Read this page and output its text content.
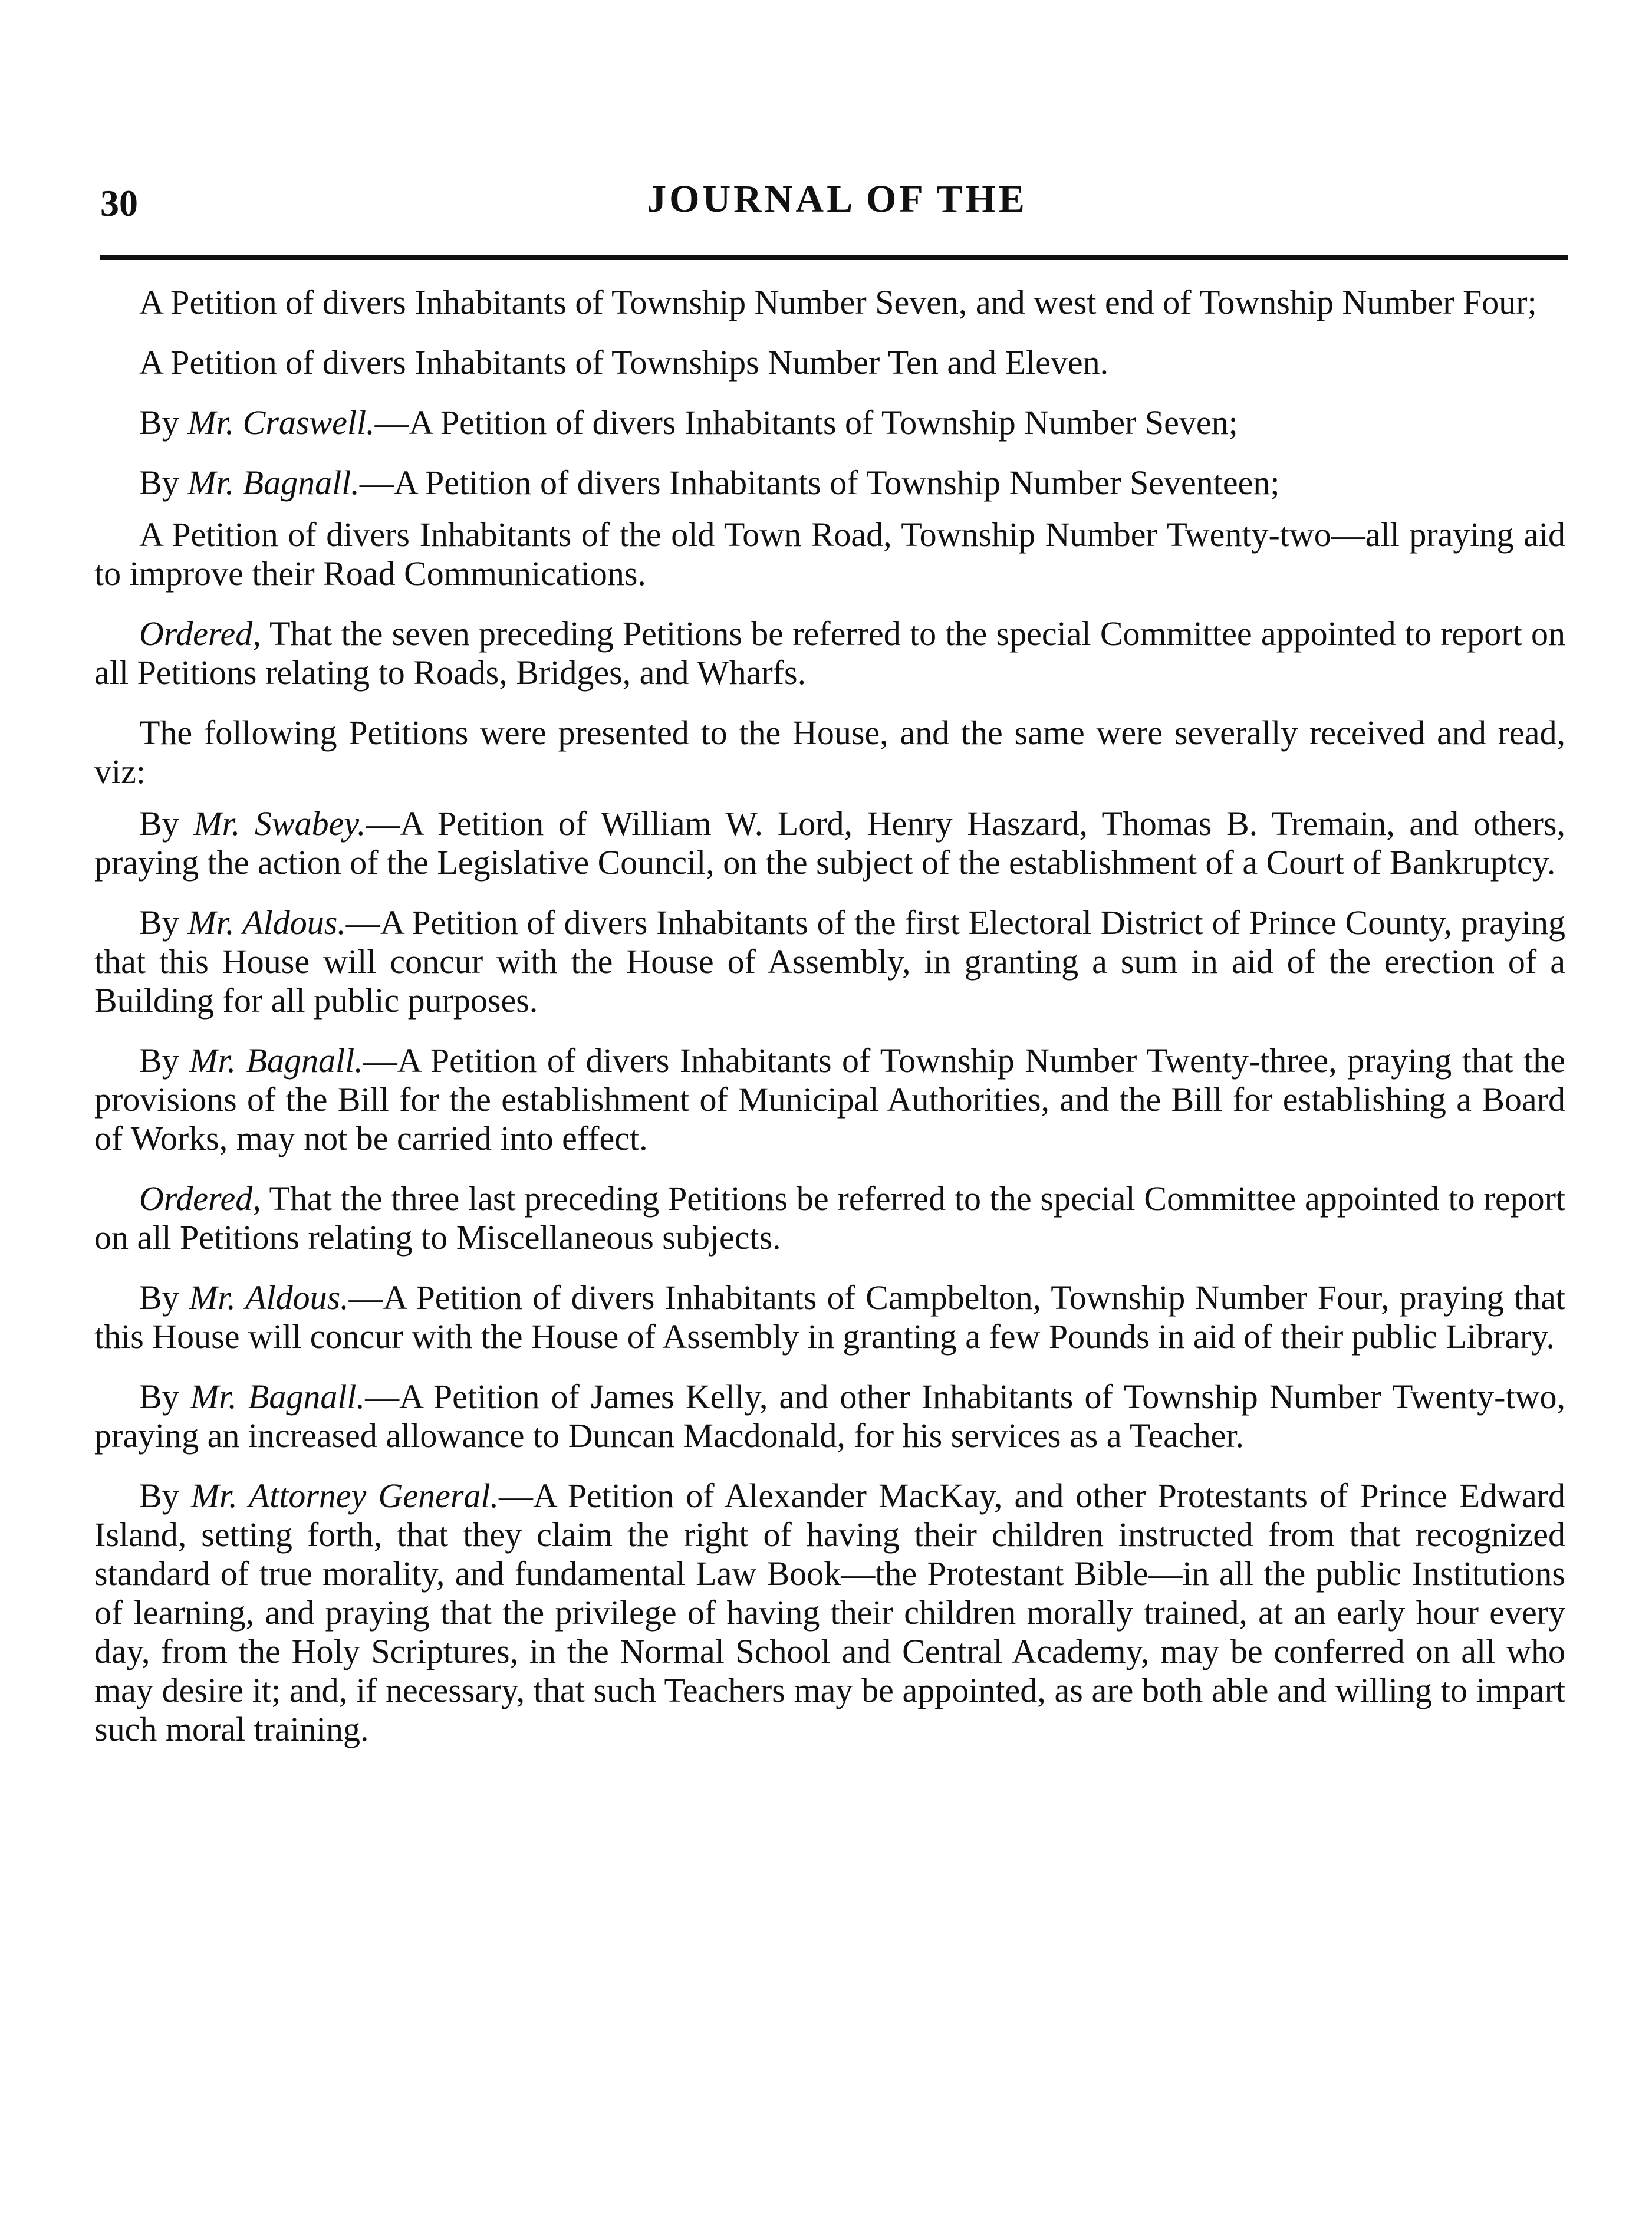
30	JOURNAL OF THE

A Petition of divers Inhabitants of Township Number Seven, and west end of Township Number Four;

A Petition of divers Inhabitants of Townships Number Ten and Eleven.

By Mr. Craswell.—A Petition of divers Inhabitants of Township Number Seven;

By Mr. Bagnall.—A Petition of divers Inhabitants of Township Number Seventeen;

A Petition of divers Inhabitants of the old Town Road, Township Number Twenty-two—all praying aid to improve their Road Communications.

Ordered, That the seven preceding Petitions be referred to the special Committee appointed to report on all Petitions relating to Roads, Bridges, and Wharfs.

The following Petitions were presented to the House, and the same were severally received and read, viz:

By Mr. Swabey.—A Petition of William W. Lord, Henry Haszard, Thomas B. Tremain, and others, praying the action of the Legislative Council, on the subject of the establishment of a Court of Bankruptcy.

By Mr. Aldous.—A Petition of divers Inhabitants of the first Electoral District of Prince County, praying that this House will concur with the House of Assembly, in granting a sum in aid of the erection of a Building for all public purposes.

By Mr. Bagnall.—A Petition of divers Inhabitants of Township Number Twenty-three, praying that the provisions of the Bill for the establishment of Municipal Authorities, and the Bill for establishing a Board of Works, may not be carried into effect.

Ordered, That the three last preceding Petitions be referred to the special Committee appointed to report on all Petitions relating to Miscellaneous subjects.

By Mr. Aldous.—A Petition of divers Inhabitants of Campbelton, Township Number Four, praying that this House will concur with the House of Assembly in granting a few Pounds in aid of their public Library.

By Mr. Bagnall.—A Petition of James Kelly, and other Inhabitants of Township Number Twenty-two, praying an increased allowance to Duncan Macdonald, for his services as a Teacher.

By Mr. Attorney General.—A Petition of Alexander MacKay, and other Protestants of Prince Edward Island, setting forth, that they claim the right of having their children instructed from that recognized standard of true morality, and fundamental Law Book—the Protestant Bible—in all the public Institutions of learning, and praying that the privilege of having their children morally trained, at an early hour every day, from the Holy Scriptures, in the Normal School and Central Academy, may be conferred on all who may desire it; and, if necessary, that such Teachers may be appointed, as are both able and willing to impart such moral training.
